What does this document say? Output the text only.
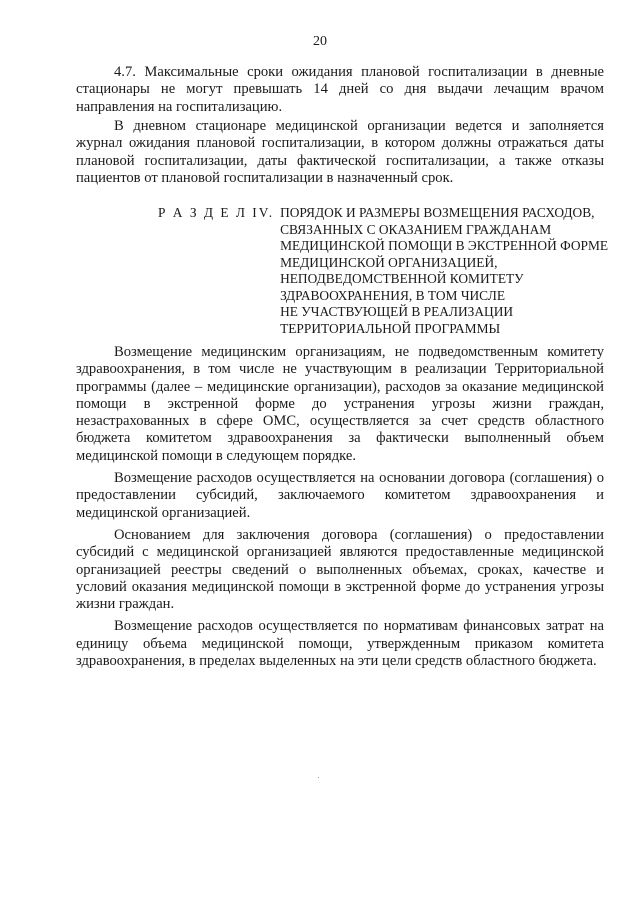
20

4.7. Максимальные сроки ожидания плановой госпитализации в дневные стационары не могут превышать 14 дней со дня выдачи лечащим врачом направления на госпитализацию.

В дневном стационаре медицинской организации ведется и заполняется журнал ожидания плановой госпитализации, в котором должны отражаться даты плановой госпитализации, даты фактической госпитализации, а также отказы пациентов от плановой госпитализации в назначенный срок.

Р А З Д Е Л IV. ПОРЯДОК И РАЗМЕРЫ ВОЗМЕЩЕНИЯ РАСХОДОВ,
СВЯЗАННЫХ С ОКАЗАНИЕМ ГРАЖДАНАМ
МЕДИЦИНСКОЙ ПОМОЩИ В ЭКСТРЕННОЙ ФОРМЕ
МЕДИЦИНСКОЙ ОРГАНИЗАЦИЕЙ,
НЕПОДВЕДОМСТВЕННОЙ КОМИТЕТУ
ЗДРАВООХРАНЕНИЯ, В ТОМ ЧИСЛЕ
НЕ УЧАСТВУЮЩЕЙ В РЕАЛИЗАЦИИ
ТЕРРИТОРИАЛЬНОЙ ПРОГРАММЫ

Возмещение медицинским организациям, не подведомственным комитету здравоохранения, в том числе не участвующим в реализации Территориальной программы (далее – медицинские организации), расходов за оказание медицинской помощи в экстренной форме до устранения угрозы жизни граждан, незастрахованных в сфере ОМС, осуществляется за счет средств областного бюджета комитетом здравоохранения за фактически выполненный объем медицинской помощи в следующем порядке.

Возмещение расходов осуществляется на основании договора (соглашения) о предоставлении субсидий, заключаемого комитетом здравоохранения и медицинской организацией.

Основанием для заключения договора (соглашения) о предоставлении субсидий с медицинской организацией являются предоставленные медицинской организацией реестры сведений о выполненных объемах, сроках, качестве и условий оказания медицинской помощи в экстренной форме до устранения угрозы жизни граждан.

Возмещение расходов осуществляется по нормативам финансовых затрат на единицу объема медицинской помощи, утвержденным приказом комитета здравоохранения, в пределах выделенных на эти цели средств областного бюджета.
